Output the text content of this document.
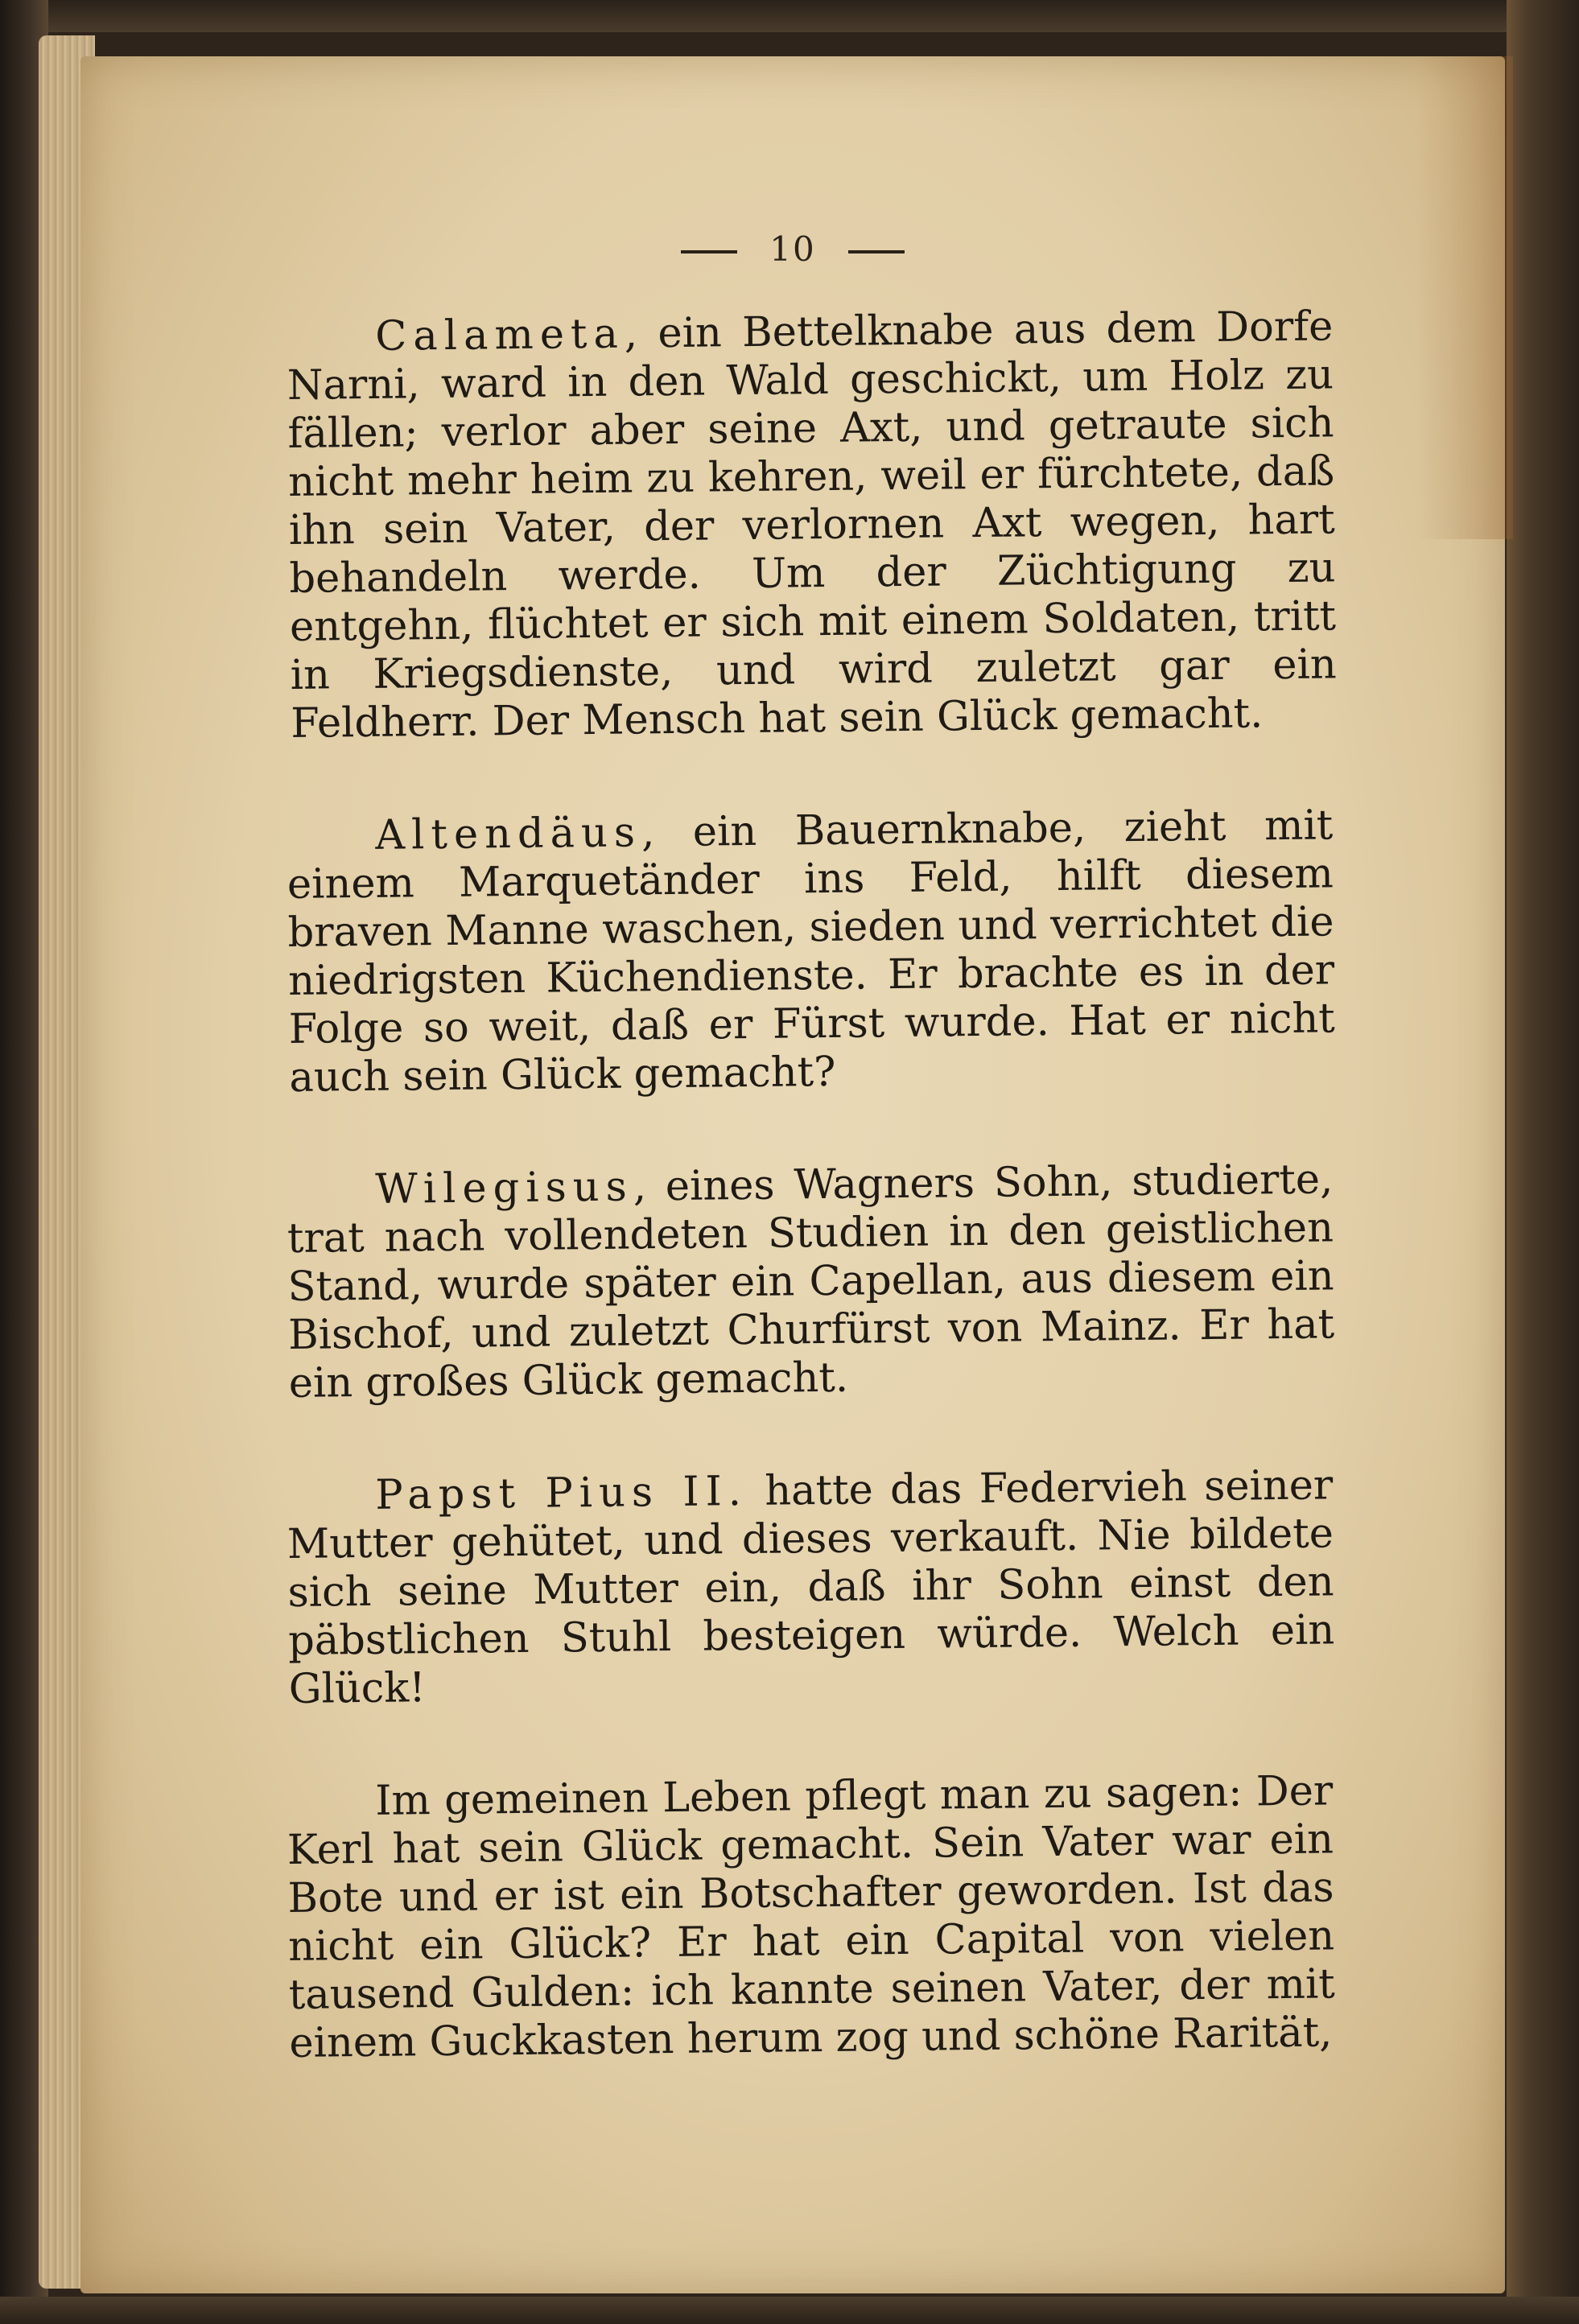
10

Calameta, ein Bettelknabe aus dem Dorfe Narni, ward in den Wald geschickt, um Holz zu fällen; verlor aber seine Axt, und getraute sich nicht mehr heim zu kehren, weil er fürchtete, daß ihn sein Vater, der verlornen Axt wegen, hart behandeln werde. Um der Züchtigung zu entgehn, flüchtet er sich mit einem Soldaten, tritt in Kriegsdienste, und wird zuletzt gar ein Feldherr. Der Mensch hat sein Glück gemacht.

Altendäus, ein Bauernknabe, zieht mit einem Marquetänder ins Feld, hilft diesem braven Manne waschen, sieden und verrichtet die niedrigsten Küchendienste. Er brachte es in der Folge so weit, daß er Fürst wurde. Hat er nicht auch sein Glück gemacht?

Wilegisus, eines Wagners Sohn, studierte, trat nach vollendeten Studien in den geistlichen Stand, wurde später ein Capellan, aus diesem ein Bischof, und zuletzt Churfürst von Mainz. Er hat ein großes Glück gemacht.

Papst Pius II. hatte das Federvieh seiner Mutter gehütet, und dieses verkauft. Nie bildete sich seine Mutter ein, daß ihr Sohn einst den päbstlichen Stuhl besteigen würde. Welch ein Glück!

Im gemeinen Leben pflegt man zu sagen: Der Kerl hat sein Glück gemacht. Sein Vater war ein Bote und er ist ein Botschafter geworden. Ist das nicht ein Glück? Er hat ein Capital von vielen tausend Gulden: ich kannte seinen Vater, der mit einem Guckkasten herum zog und schöne Rarität,
